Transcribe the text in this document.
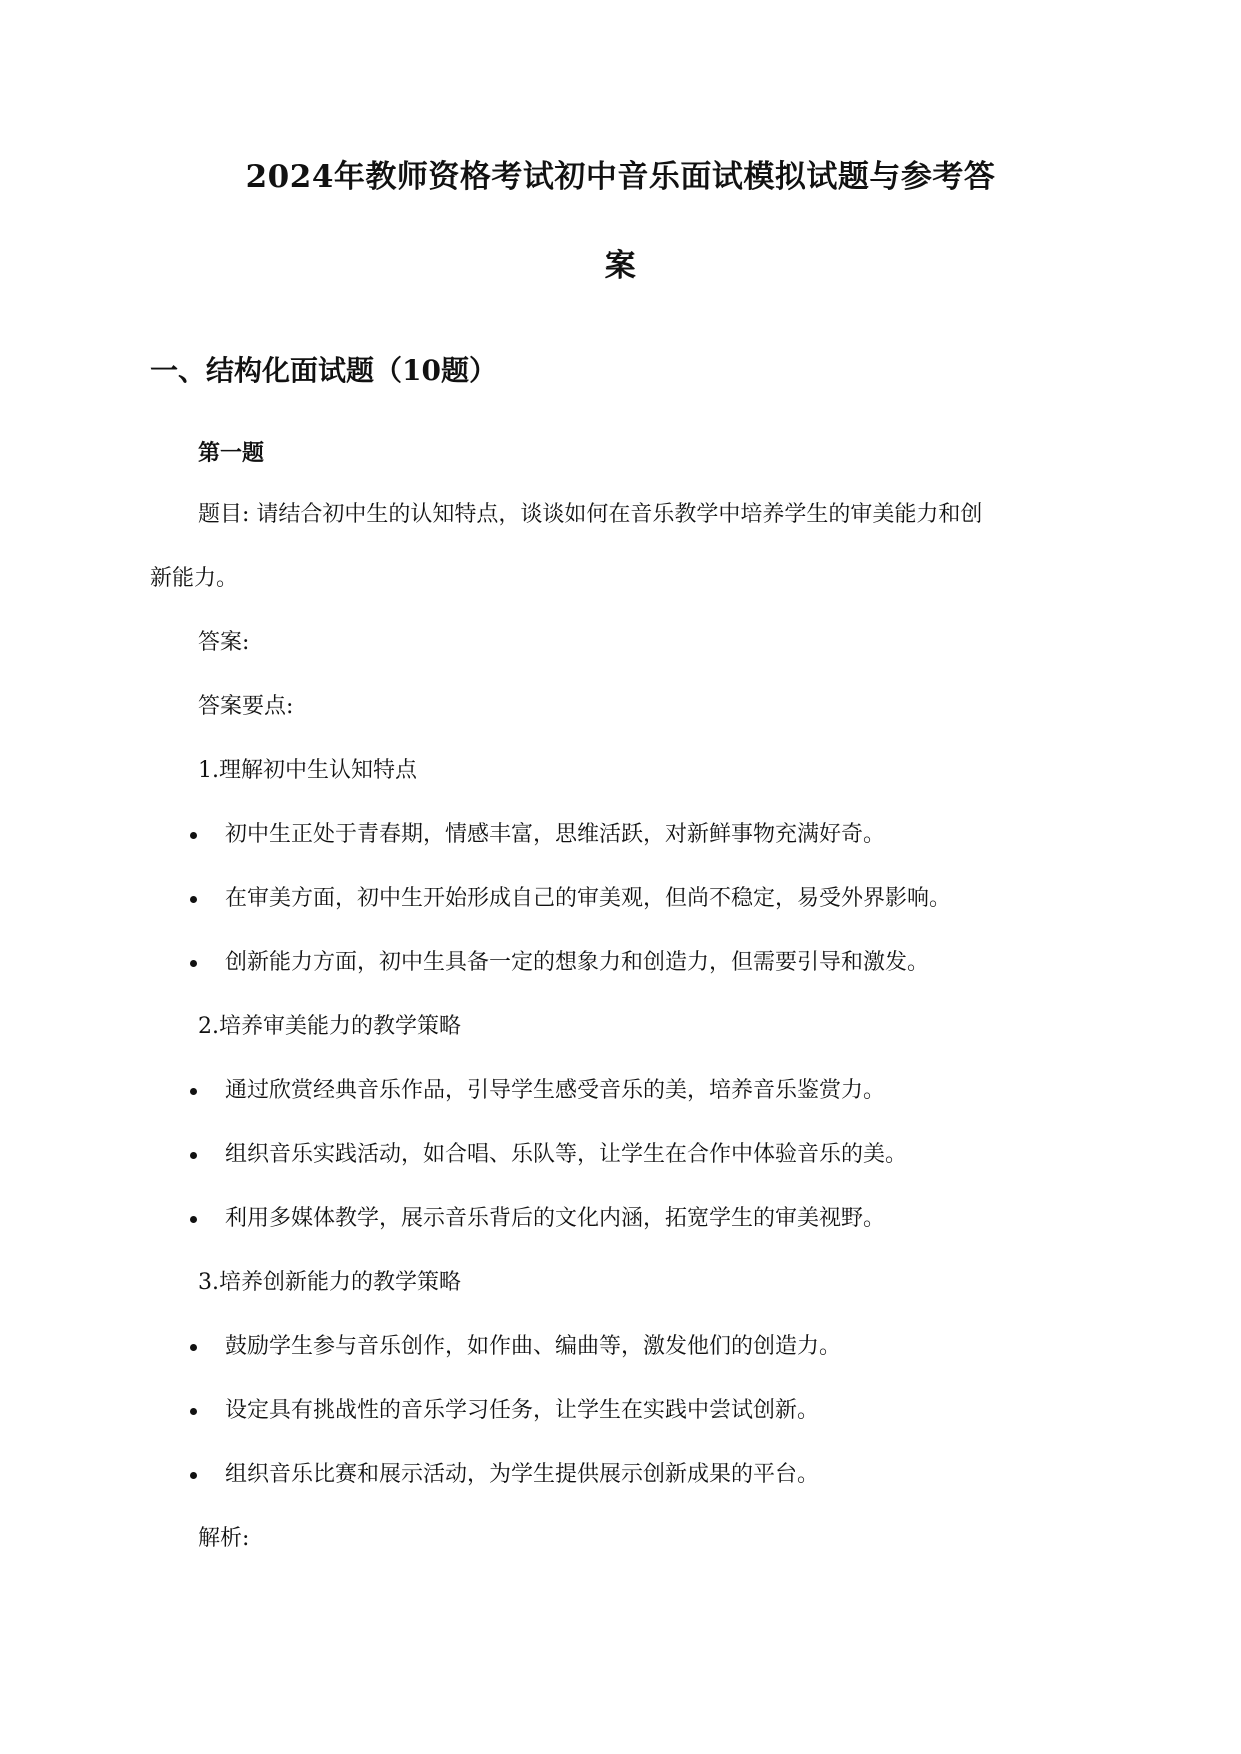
2024年教师资格考试初中音乐面试模拟试题与参考答
案
一、结构化面试题（10题）
第一题
题目: 请结合初中生的认知特点，谈谈如何在音乐教学中培养学生的审美能力和创
新能力。
答案:
答案要点:
1.理解初中生认知特点
初中生正处于青春期，情感丰富，思维活跃，对新鲜事物充满好奇。
在审美方面，初中生开始形成自己的审美观，但尚不稳定，易受外界影响。
创新能力方面，初中生具备一定的想象力和创造力，但需要引导和激发。
2.培养审美能力的教学策略
通过欣赏经典音乐作品，引导学生感受音乐的美，培养音乐鉴赏力。
组织音乐实践活动，如合唱、乐队等，让学生在合作中体验音乐的美。
利用多媒体教学，展示音乐背后的文化内涵，拓宽学生的审美视野。
3.培养创新能力的教学策略
鼓励学生参与音乐创作，如作曲、编曲等，激发他们的创造力。
设定具有挑战性的音乐学习任务，让学生在实践中尝试创新。
组织音乐比赛和展示活动，为学生提供展示创新成果的平台。
解析:
